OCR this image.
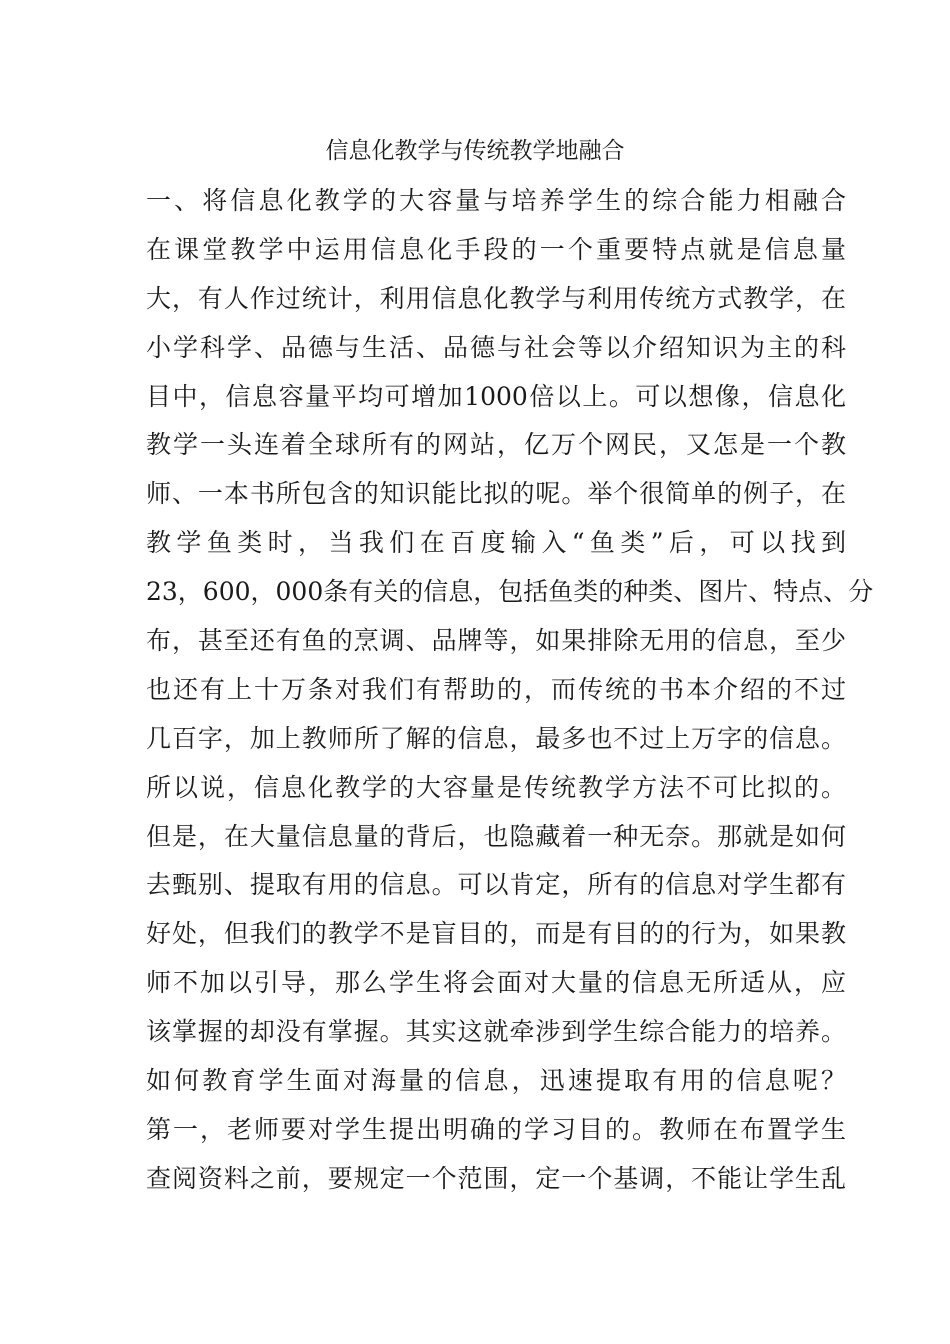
信息化教学与传统教学地融合
一、将信息化教学的大容量与培养学生的综合能力相融合
在课堂教学中运用信息化手段的一个重要特点就是信息量
大，有人作过统计，利用信息化教学与利用传统方式教学，在
小学科学、品德与生活、品德与社会等以介绍知识为主的科
目中，信息容量平均可增加1000倍以上。可以想像，信息化
教学一头连着全球所有的网站，亿万个网民，又怎是一个教
师、一本书所包含的知识能比拟的呢。举个很简单的例子，在
教学鱼类时，当我们在百度输入“鱼类”后，可以找到
23，600，000条有关的信息，包括鱼类的种类、图片、特点、分
布，甚至还有鱼的烹调、品牌等，如果排除无用的信息，至少
也还有上十万条对我们有帮助的，而传统的书本介绍的不过
几百字，加上教师所了解的信息，最多也不过上万字的信息。
所以说，信息化教学的大容量是传统教学方法不可比拟的。
但是，在大量信息量的背后，也隐藏着一种无奈。那就是如何
去甄别、提取有用的信息。可以肯定，所有的信息对学生都有
好处，但我们的教学不是盲目的，而是有目的的行为，如果教
师不加以引导，那么学生将会面对大量的信息无所适从，应
该掌握的却没有掌握。其实这就牵涉到学生综合能力的培养。
如何教育学生面对海量的信息，迅速提取有用的信息呢？
第一，老师要对学生提出明确的学习目的。教师在布置学生
查阅资料之前，要规定一个范围，定一个基调，不能让学生乱
